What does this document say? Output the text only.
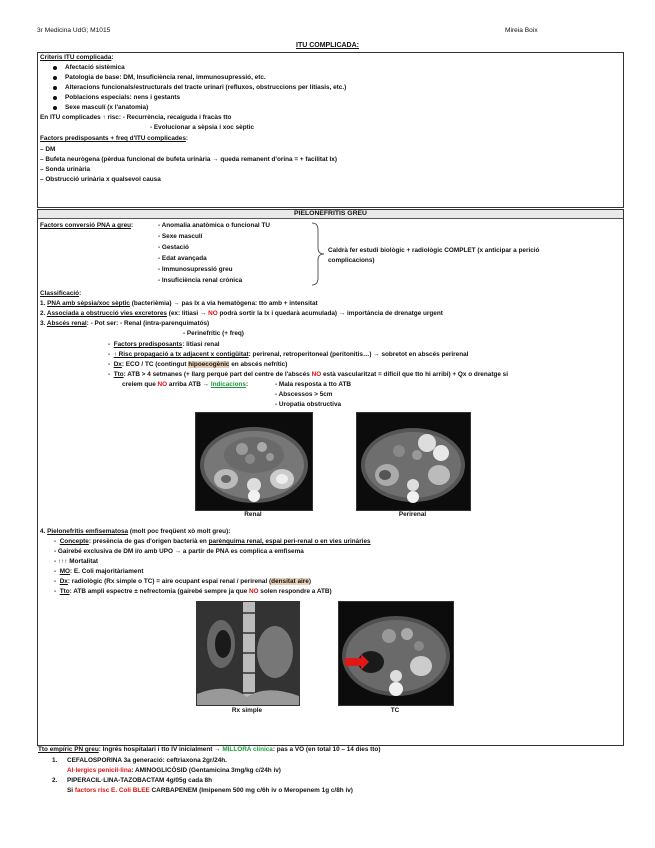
3r Medicina UdG; M1015	Mireia Boix
ITU COMPLICADA:
Criteris ITU complicada:
Afectació sistèmica
Patologia de base: DM, Insuficiència renal, immunosupressió, etc.
Alteracions funcionals/estructurals del tracte urinari (refluxos, obstruccions per litiasis, etc.)
Poblacions especials: nens i gestants
Sexe masculí (x l'anatomia)
En ITU complicades ↑ risc: - Recurrència, recaiguda i fracàs tto
- Evolucionar a sèpsia i xoc sèptic
Factors predisposants + freq d'ITU complicades:
– DM
– Bufeta neurògena (pèrdua funcional de bufeta urinària → queda remanent d'orina = + facilitat Ix)
– Sonda urinària
– Obstrucció urinària x qualsevol causa
PIELONEFRITIS GREU
Factors conversió PNA a greu:	- Anomalia anatòmica o funcional TU
- Sexe masculí
- Gestació
- Edat avançada
- Immunosupressió greu
- Insuficiència renal crònica
Caldrà fer estudi biològic + radiològic COMPLET (x anticipar a perició
complicacions)
Classificació:
1. PNA amb sèpsia/xoc sèptic (bacterièmia) → pas Ix a via hematògena: tto amb + intensitat
2. Associada a obstrucció vies excretores (ex: litiasi → NO podrà sortir la Ix i quedarà acumulada) → importància de drenatge urgent
3. Abscés renal: - Pot ser: - Renal (intra-parenquimatós)
- Perinefrític (+ freq)
-  Factors predisposants: litiasi renal
-  ↑ Risc propagació a tx adjacent x contigüitat: perirenal, retroperitoneal (peritonitis…) → sobretot en abscés perirenal
-  Dx: ECO / TC (contingut hipoecogènic en abscés nefrític)
-  Tto: ATB > 4 setmanes (+ llarg perquè part del centre de l'abscés NO està vascularitzat = difícil que tto hi arribi) + Qx o drenatge si
creiem que NO arriba ATB → Indicacions:	- Mala resposta a tto ATB
- Abscessos > 5cm
- Uropatia obstructiva
Renal	Perirenal
4. Pielonefritis emfisematosa (molt poc freqüent xò molt greu):
-  Concepte: presència de gas d'origen bacterià en parènquima renal, espai peri-renal o en vies urinàries
- Gairebé exclusiva de DM i/o amb UPO → a partir de PNA es complica a emfisema
- ↑↑↑ Mortalitat
-  MO: E. Coli majoritàriament
-  Dx: radiològic (Rx simple o TC) = aire ocupant espai renal / perirenal (densitat aire)
-  Tto: ATB ampli espectre ± nefrectomia (gairebé sempre ja que NO solen respondre a ATB)
Rx simple	TC
Tto empíric PN greu: Ingrés hospitalari i tto IV inicialment → MILLORA clínica: pas a VO (en total 10 – 14 dies tto)
1. CEFALOSPORINA 3a generació: ceftriaxona 2gr/24h.
Al·lergics penicil·lina: AMINOGLICÒSID (Gentamicina 3mg/kg c/24h iv)
2. PIPERACIL·LINA-TAZOBACTAM 4g/05g cada 8h
Si factors risc E. Coli BLEE CARBAPENEM (Imipenem 500 mg c/6h iv o Meropenem 1g c/8h iv)
